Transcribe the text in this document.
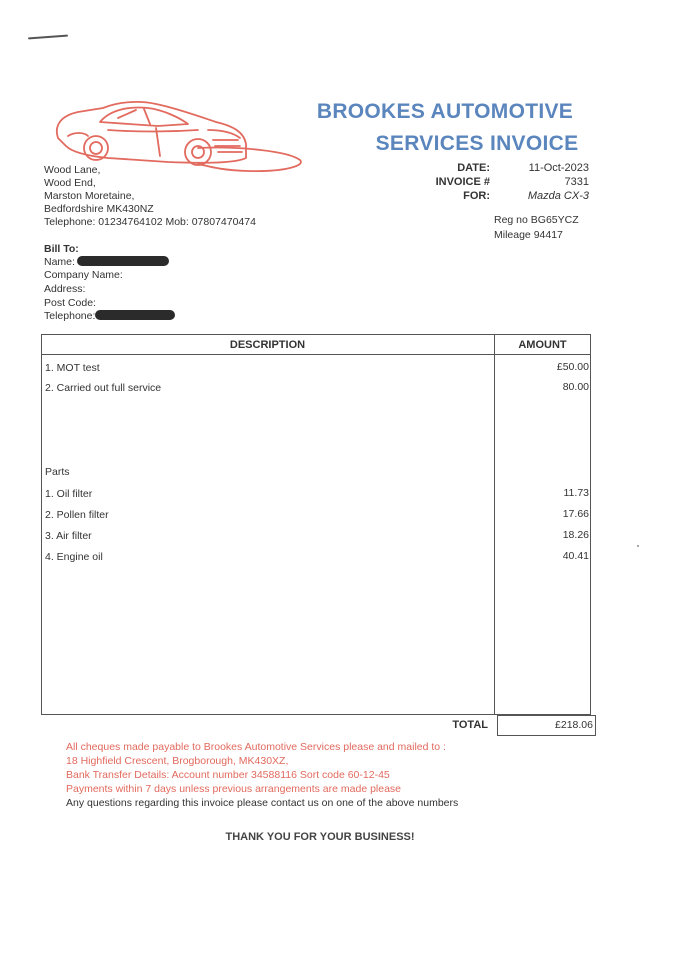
BROOKES AUTOMOTIVE
SERVICES INVOICE
Wood Lane,
Wood End,
Marston Moretaine,
Bedfordshire MK430NZ
Telephone: 01234764102 Mob: 07807470474
DATE:	11-Oct-2023
INVOICE #	7331
FOR:	Mazda CX-3
Reg no BG65YCZ
Mileage 94417
Bill To:
Name:
Company Name:
Address:
Post Code:
Telephone:
DESCRIPTION	AMOUNT
1. MOT test	£50.00
2. Carried out full service	80.00
Parts
1. Oil filter	11.73
2. Pollen filter	17.66
3. Air filter	18.26
4. Engine oil	40.41
TOTAL	£218.06
All cheques made payable to Brookes Automotive Services please and mailed to :
18 Highfield Crescent, Brogborough, MK430XZ,
Bank Transfer Details: Account number 34588116 Sort code 60-12-45
Payments within 7 days unless previous arrangements are made please
Any questions regarding this invoice please contact us on one of the above numbers
THANK YOU FOR YOUR BUSINESS!
